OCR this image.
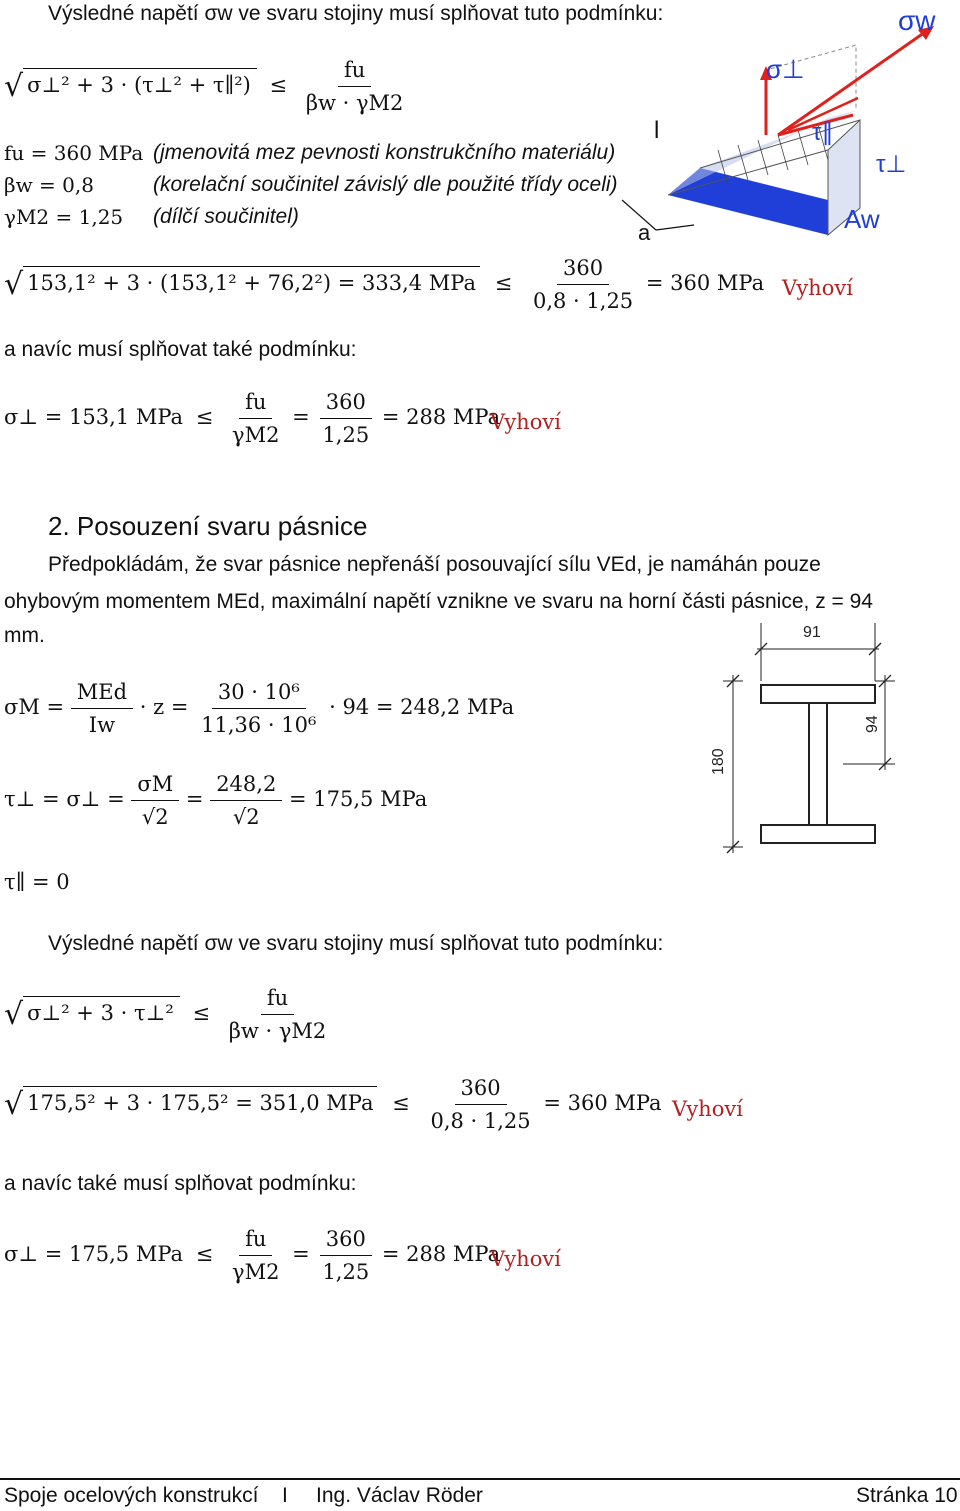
Výsledné napětí σw ve svaru stojiny musí splňovat tuto podmínku:
√ σ⊥² + 3 · (τ⊥² + τ∥²) ≤ $\frac{fu}{\beta w \cdot \gamma M2}$
fu = 360 MPa (jmenovitá mez pevnosti konstrukčního materiálu)
βw = 0,8	(korelační součinitel závislý dle použité třídy oceli)
γM2 = 1,25 (dílčí součinitel)
√ 153,1² + 3 · (153,1² + 76,2²) = 333,4 MPa ≤ $\frac{360}{0,8 \cdot 1,25} = 360$ MPa Vyhoví
a navíc musí splňovat také podmínku:
σ⊥ = 153,1 MPa ≤ $\frac{fu}{\gamma M2} = \frac{360}{1,25} = 288$ MPa
Vyhoví
σw
σ⊥
τ∥
τ⊥
l
Aw
a
2. Posouzení svaru pásnice
Předpokládám, že svar pásnice nepřenáší posouvající sílu VEd, je namáhán pouze
ohybovým momentem MEd, maximální napětí vznikne ve svaru na horní části pásnice, z = 94
mm.
$\sigma M = \frac{\text{MEd}}{Iw} \cdot z = \frac{\text{30 · 10⁶}}{\text{11,36 · 10⁶}} \cdot 94 = 248,2$ MPa
τ⊥ = σ⊥ = $\frac{\sigma M}{√2} = \frac{248,2}{√2} = 175,5$ MPa
τ∥ = 0
91
180
94
Výsledné napětí σw ve svaru stojiny musí splňovat tuto podmínku:
√ σ⊥² + 3 · τ⊥² ≤ $\frac{fu}{\beta w \cdot \gamma M2}$
√ 175,5² + 3 · 175,5² = 351,0 MPa ≤ $\frac{360}{0,8 \cdot 1,25} = 360$ MPa Vyhoví
a navíc také musí splňovat podmínku:
σ⊥ = 175,5 MPa ≤ $\frac{fu}{\gamma M2} = \frac{360}{1,25} = 288$ MPa
Vyhoví
Spoje ocelových konstrukcí I Ing. Václav Röder	Stránka 10
